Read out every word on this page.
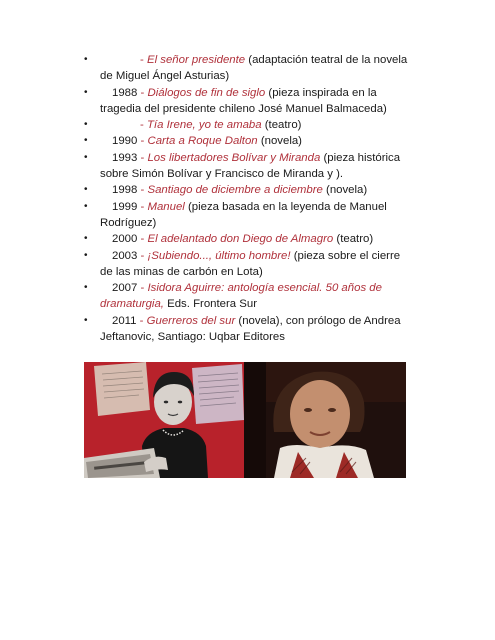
•	- El señor presidente (adaptación teatral de la novela de Miguel Ángel Asturias)
• 1988 - Diálogos de fin de siglo (pieza inspirada en la tragedia del presidente chileno José Manuel Balmaceda)
•	- Tía Irene, yo te amaba (teatro)
• 1990 - Carta a Roque Dalton (novela)
• 1993 - Los libertadores Bolívar y Miranda (pieza histórica sobre Simón Bolívar y Francisco de Miranda y ).
• 1998 - Santiago de diciembre a diciembre (novela)
• 1999 - Manuel (pieza basada en la leyenda de Manuel Rodríguez)
• 2000 - El adelantado don Diego de Almagro (teatro)
• 2003 - ¡Subiendo..., último hombre! (pieza sobre el cierre de las minas de carbón en Lota)
• 2007 - Isidora Aguirre: antología esencial. 50 años de dramaturgia, Eds. Frontera Sur
• 2011 - Guerreros del sur (novela), con prólogo de Andrea Jeftanovic, Santiago: Uqbar Editores
